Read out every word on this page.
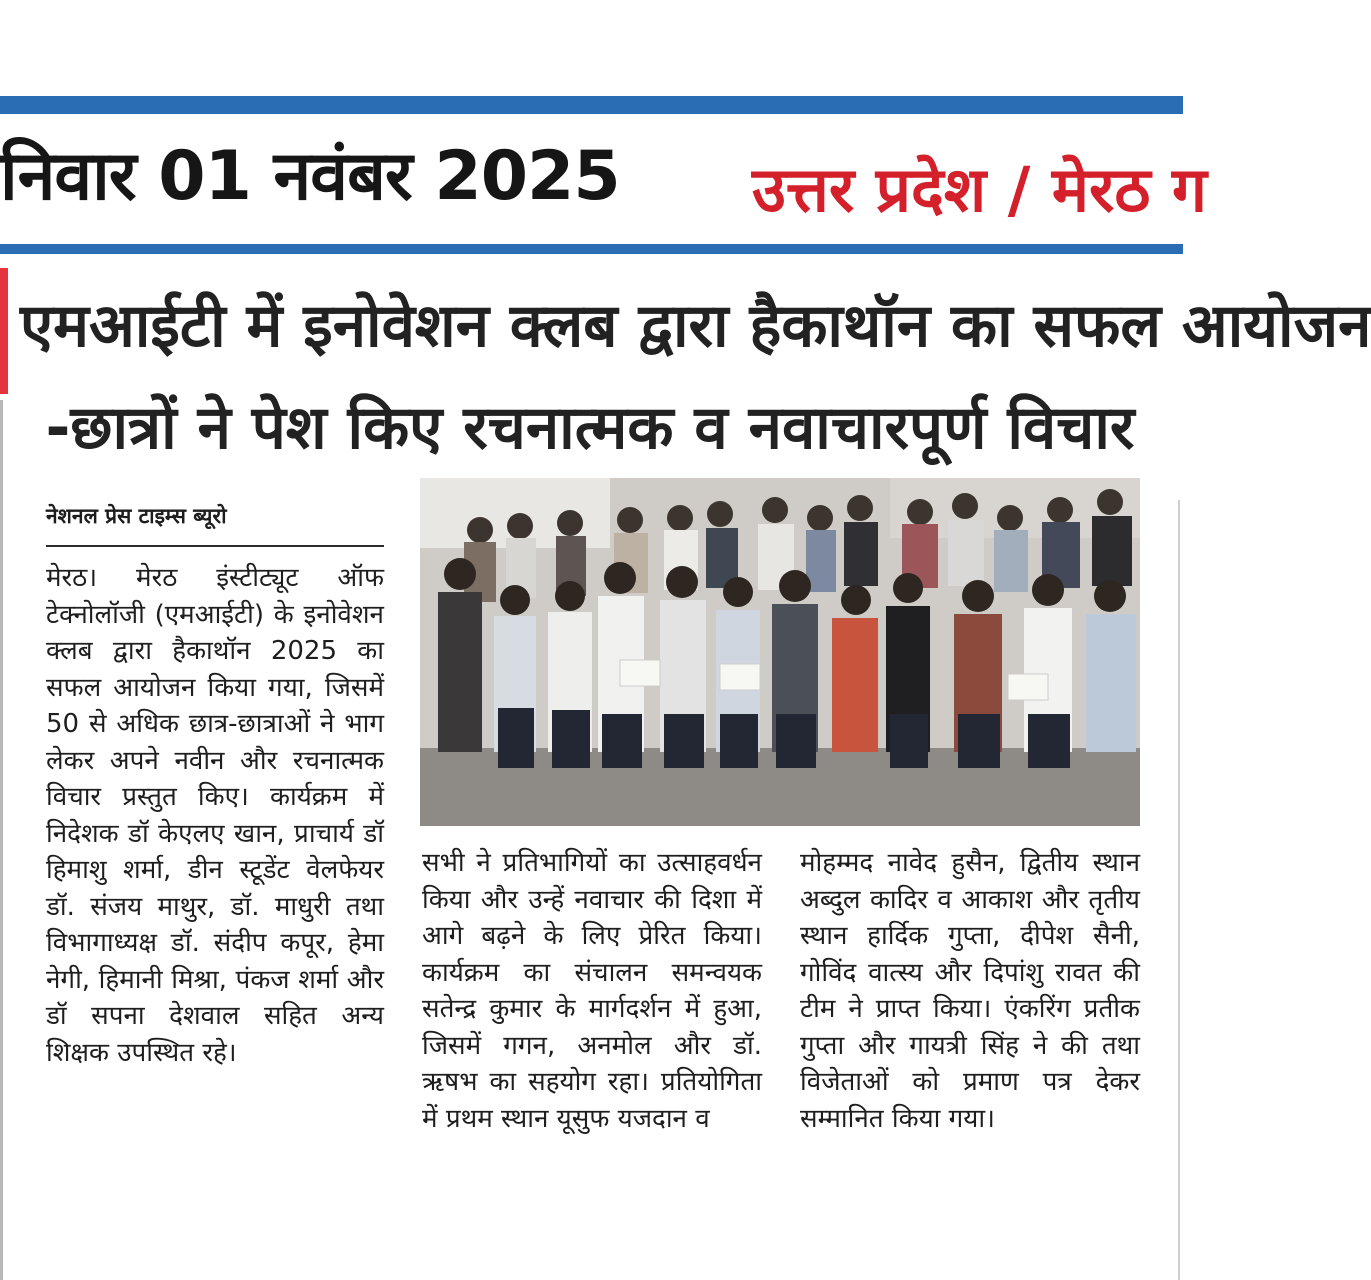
निवार 01 नवंबर 2025 उत्तर प्रदेश / मेरठ ग
एमआईटी में इनोवेशन क्लब द्वारा हैकाथॉन का सफल आयोजन
-छात्रों ने पेश किए रचनात्मक व नवाचारपूर्ण विचार
नेशनल प्रेस टाइम्स ब्यूरो
मेरठ। मेरठ इंस्टीट्यूट ऑफ टेक्नोलॉजी (एमआईटी) के इनोवेशन क्लब द्वारा हैकाथॉन 2025 का सफल आयोजन किया गया, जिसमें 50 से अधिक छात्र-छात्राओं ने भाग लेकर अपने नवीन और रचनात्मक विचार प्रस्तुत किए। कार्यक्रम में निदेशक डॉ केएलए खान, प्राचार्य डॉ हिमाशु शर्मा, डीन स्टूडेंट वेलफेयर डॉ. संजय माथुर, डॉ. माधुरी तथा विभागाध्यक्ष डॉ. संदीप कपूर, हेमा नेगी, हिमानी मिश्रा, पंकज शर्मा और डॉ सपना देशवाल सहित अन्य शिक्षक उपस्थित रहे।
सभी ने प्रतिभागियों का उत्साहवर्धन किया और उन्हें नवाचार की दिशा में आगे बढ़ने के लिए प्रेरित किया। कार्यक्रम का संचालन समन्वयक सतेन्द्र कुमार के मार्गदर्शन में हुआ, जिसमें गगन, अनमोल और डॉ. ऋषभ का सहयोग रहा। प्रतियोगिता में प्रथम स्थान यूसुफ यजदान व
मोहम्मद नावेद हुसैन, द्वितीय स्थान अब्दुल कादिर व आकाश और तृतीय स्थान हार्दिक गुप्ता, दीपेश सैनी, गोविंद वात्स्य और दिपांशु रावत की टीम ने प्राप्त किया। एंकरिंग प्रतीक गुप्ता और गायत्री सिंह ने की तथा विजेताओं को प्रमाण पत्र देकर सम्मानित किया गया।
